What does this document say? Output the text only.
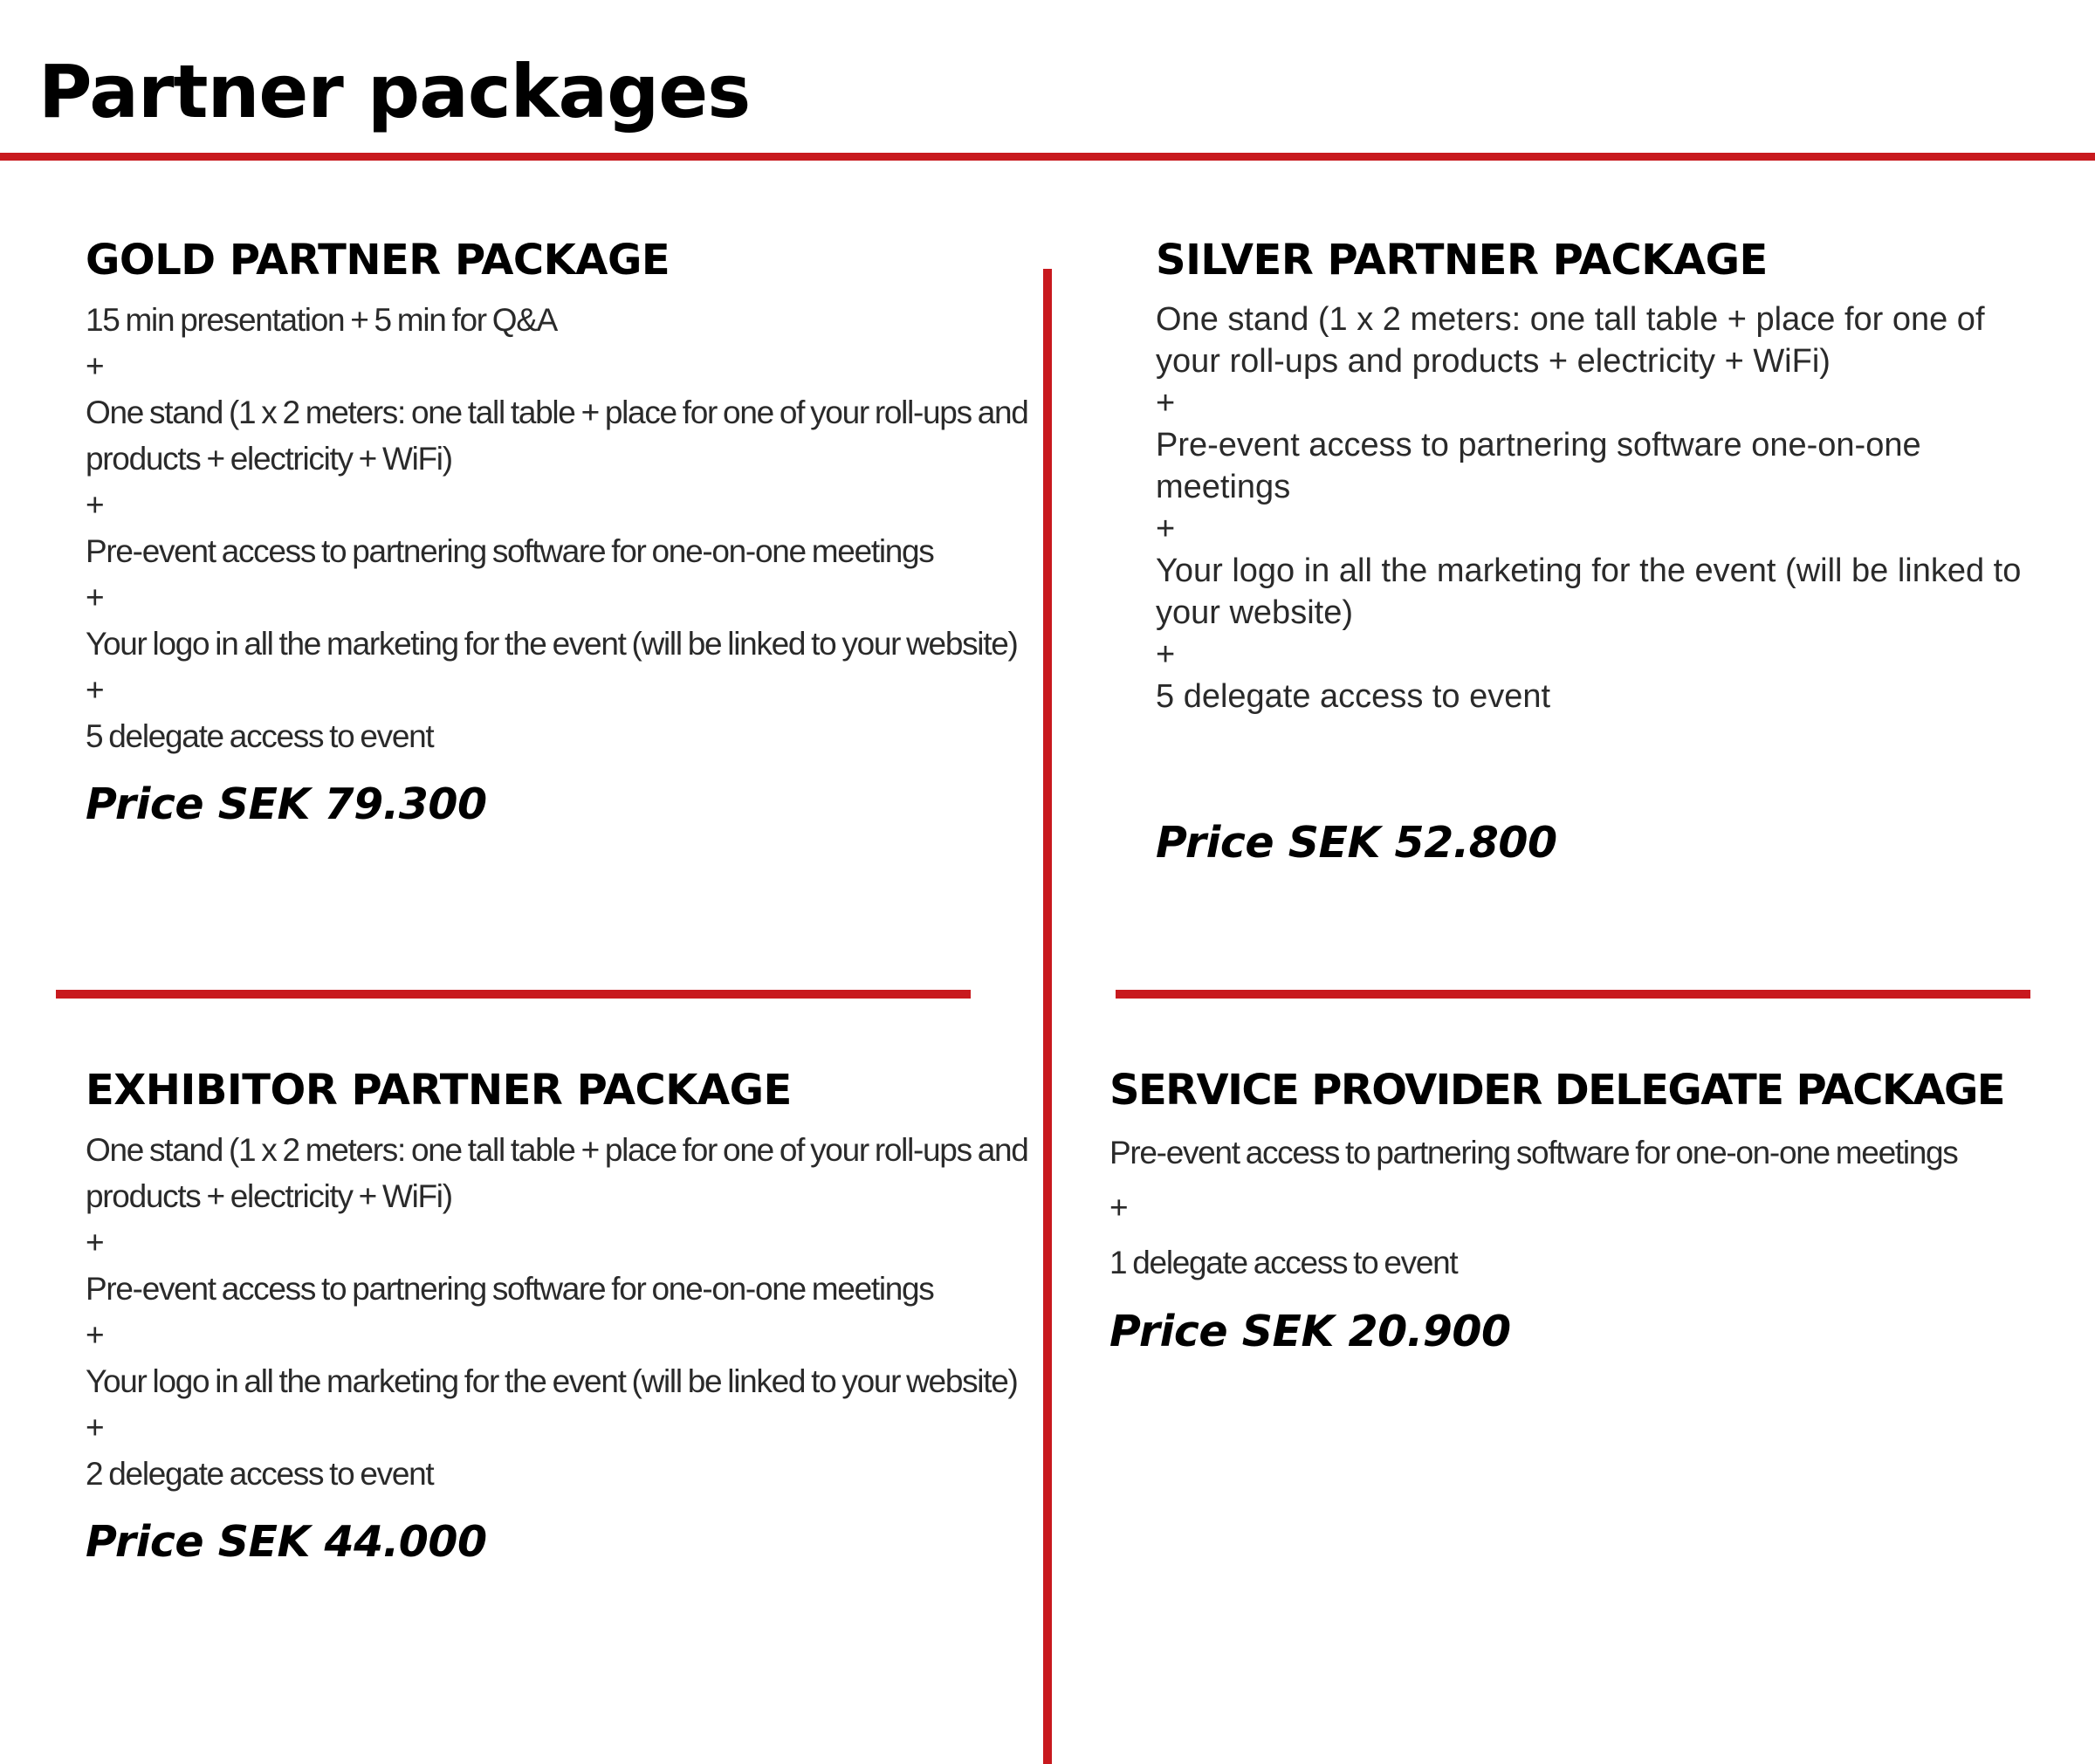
Partner packages
GOLD PARTNER PACKAGE
15 min presentation + 5 min for Q&A
+
One stand (1 x 2 meters: one tall table + place for one of your roll-ups and products + electricity + WiFi)
+
Pre-event access to partnering software for one-on-one meetings
+
Your logo in all the marketing for the event (will be linked to your website)
+
5 delegate access to event

Price SEK 79.300

SILVER PARTNER PACKAGE
One stand (1 x 2 meters: one tall table + place for one of your roll-ups and products + electricity + WiFi)
+
Pre-event access to partnering software one-on-one meetings
+
Your logo in all the marketing for the event (will be linked to your website)
+
5 delegate access to event

Price SEK 52.800

EXHIBITOR PARTNER PACKAGE
One stand (1 x 2 meters: one tall table + place for one of your roll-ups and products + electricity + WiFi)
+
Pre-event access to partnering software for one-on-one meetings
+
Your logo in all the marketing for the event (will be linked to your website)
+
2 delegate access to event

Price SEK 44.000

SERVICE PROVIDER DELEGATE PACKAGE
Pre-event access to partnering software for one-on-one meetings
+
1 delegate access to event

Price SEK 20.900
